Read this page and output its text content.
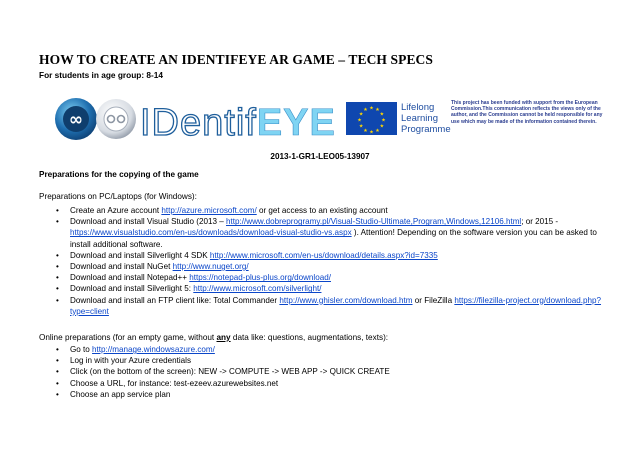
HOW TO CREATE AN IDENTIFEYE AR GAME – TECH SPECS
For students in age group: 8-14
∞ IDentifEYE	★ ★
★
★
★
★
★
★
★
★
★
★	Lifelong
Learning
Programme
This project has been funded with support from the European Commission.This communication reflects the views only of the author, and the Commission cannot be held responsible for any use which may be made of the information contained therein.
2013-1-GR1-LEO05-13907
Preparations for the copying of the game
Preparations on PC/Laptops (for Windows):
• Create an Azure account http://azure.microsoft.com/ or get access to an existing account
• Download and install Visual Studio (2013 – http://www.dobreprogramy.pl/Visual-Studio-Ultimate,Program,Windows,12106.html; or 2015 - https://www.visualstudio.com/en-us/downloads/download-visual-studio-vs.aspx ). Attention! Depending on the software version you can be asked to install additional software.
• Download and install Silverlight 4 SDK http://www.microsoft.com/en-us/download/details.aspx?id=7335
• Download and install NuGet http://www.nuget.org/
• Download and install Notepad++ https://notepad-plus-plus.org/download/
• Download and install Silverlight 5: http://www.microsoft.com/silverlight/
• Download and install an FTP client like: Total Commander http://www.ghisler.com/download.htm or FileZilla https://filezilla-project.org/download.php?type=client
Online preparations (for an empty game, without any data like: questions, augmentations, texts):
• Go to http://manage.windowsazure.com/
• Log in with your Azure credentials
• Click (on the bottom of the screen): NEW -> COMPUTE -> WEB APP -> QUICK CREATE
• Choose a URL, for instance: test-ezeev.azurewebsites.net
• Choose an app service plan
